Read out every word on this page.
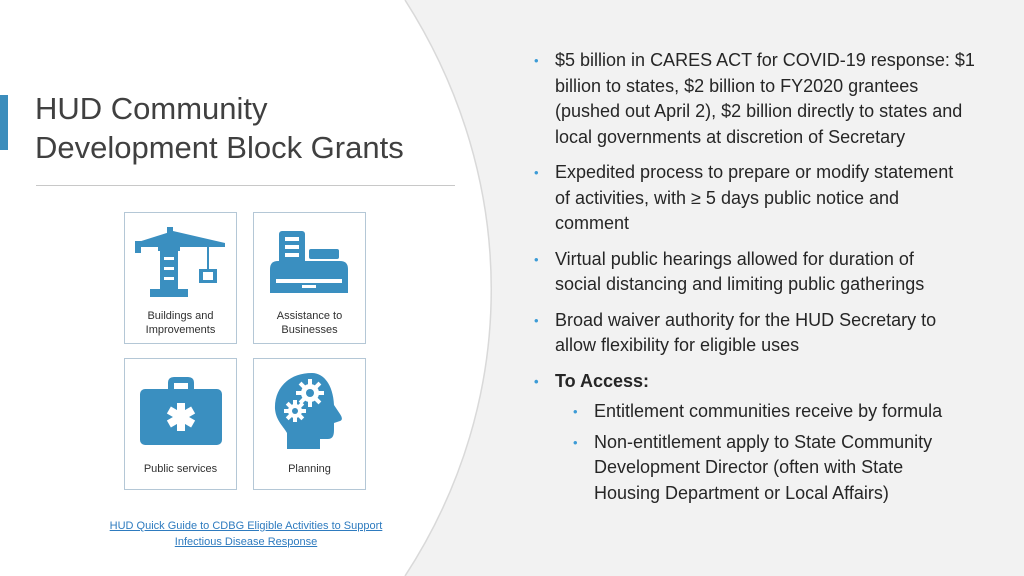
HUD Community
Development Block Grants
Buildings and
Improvements
Assistance to
Businesses
Public services	Planning
HUD Quick Guide to CDBG Eligible Activities to Support
Infectious Disease Response
• $5 billion in CARES ACT for COVID-19 response: $1
billion to states, $2 billion to FY2020 grantees
(pushed out April 2), $2 billion directly to states and
local governments at discretion of Secretary
• Expedited process to prepare or modify statement
of activities, with ≥ 5 days public notice and
comment
• Virtual public hearings allowed for duration of
social distancing and limiting public gatherings
• Broad waiver authority for the HUD Secretary to
allow flexibility for eligible uses
• To Access:
• Entitlement communities receive by formula
• Non-entitlement apply to State Community
Development Director (often with State
Housing Department or Local Affairs)
